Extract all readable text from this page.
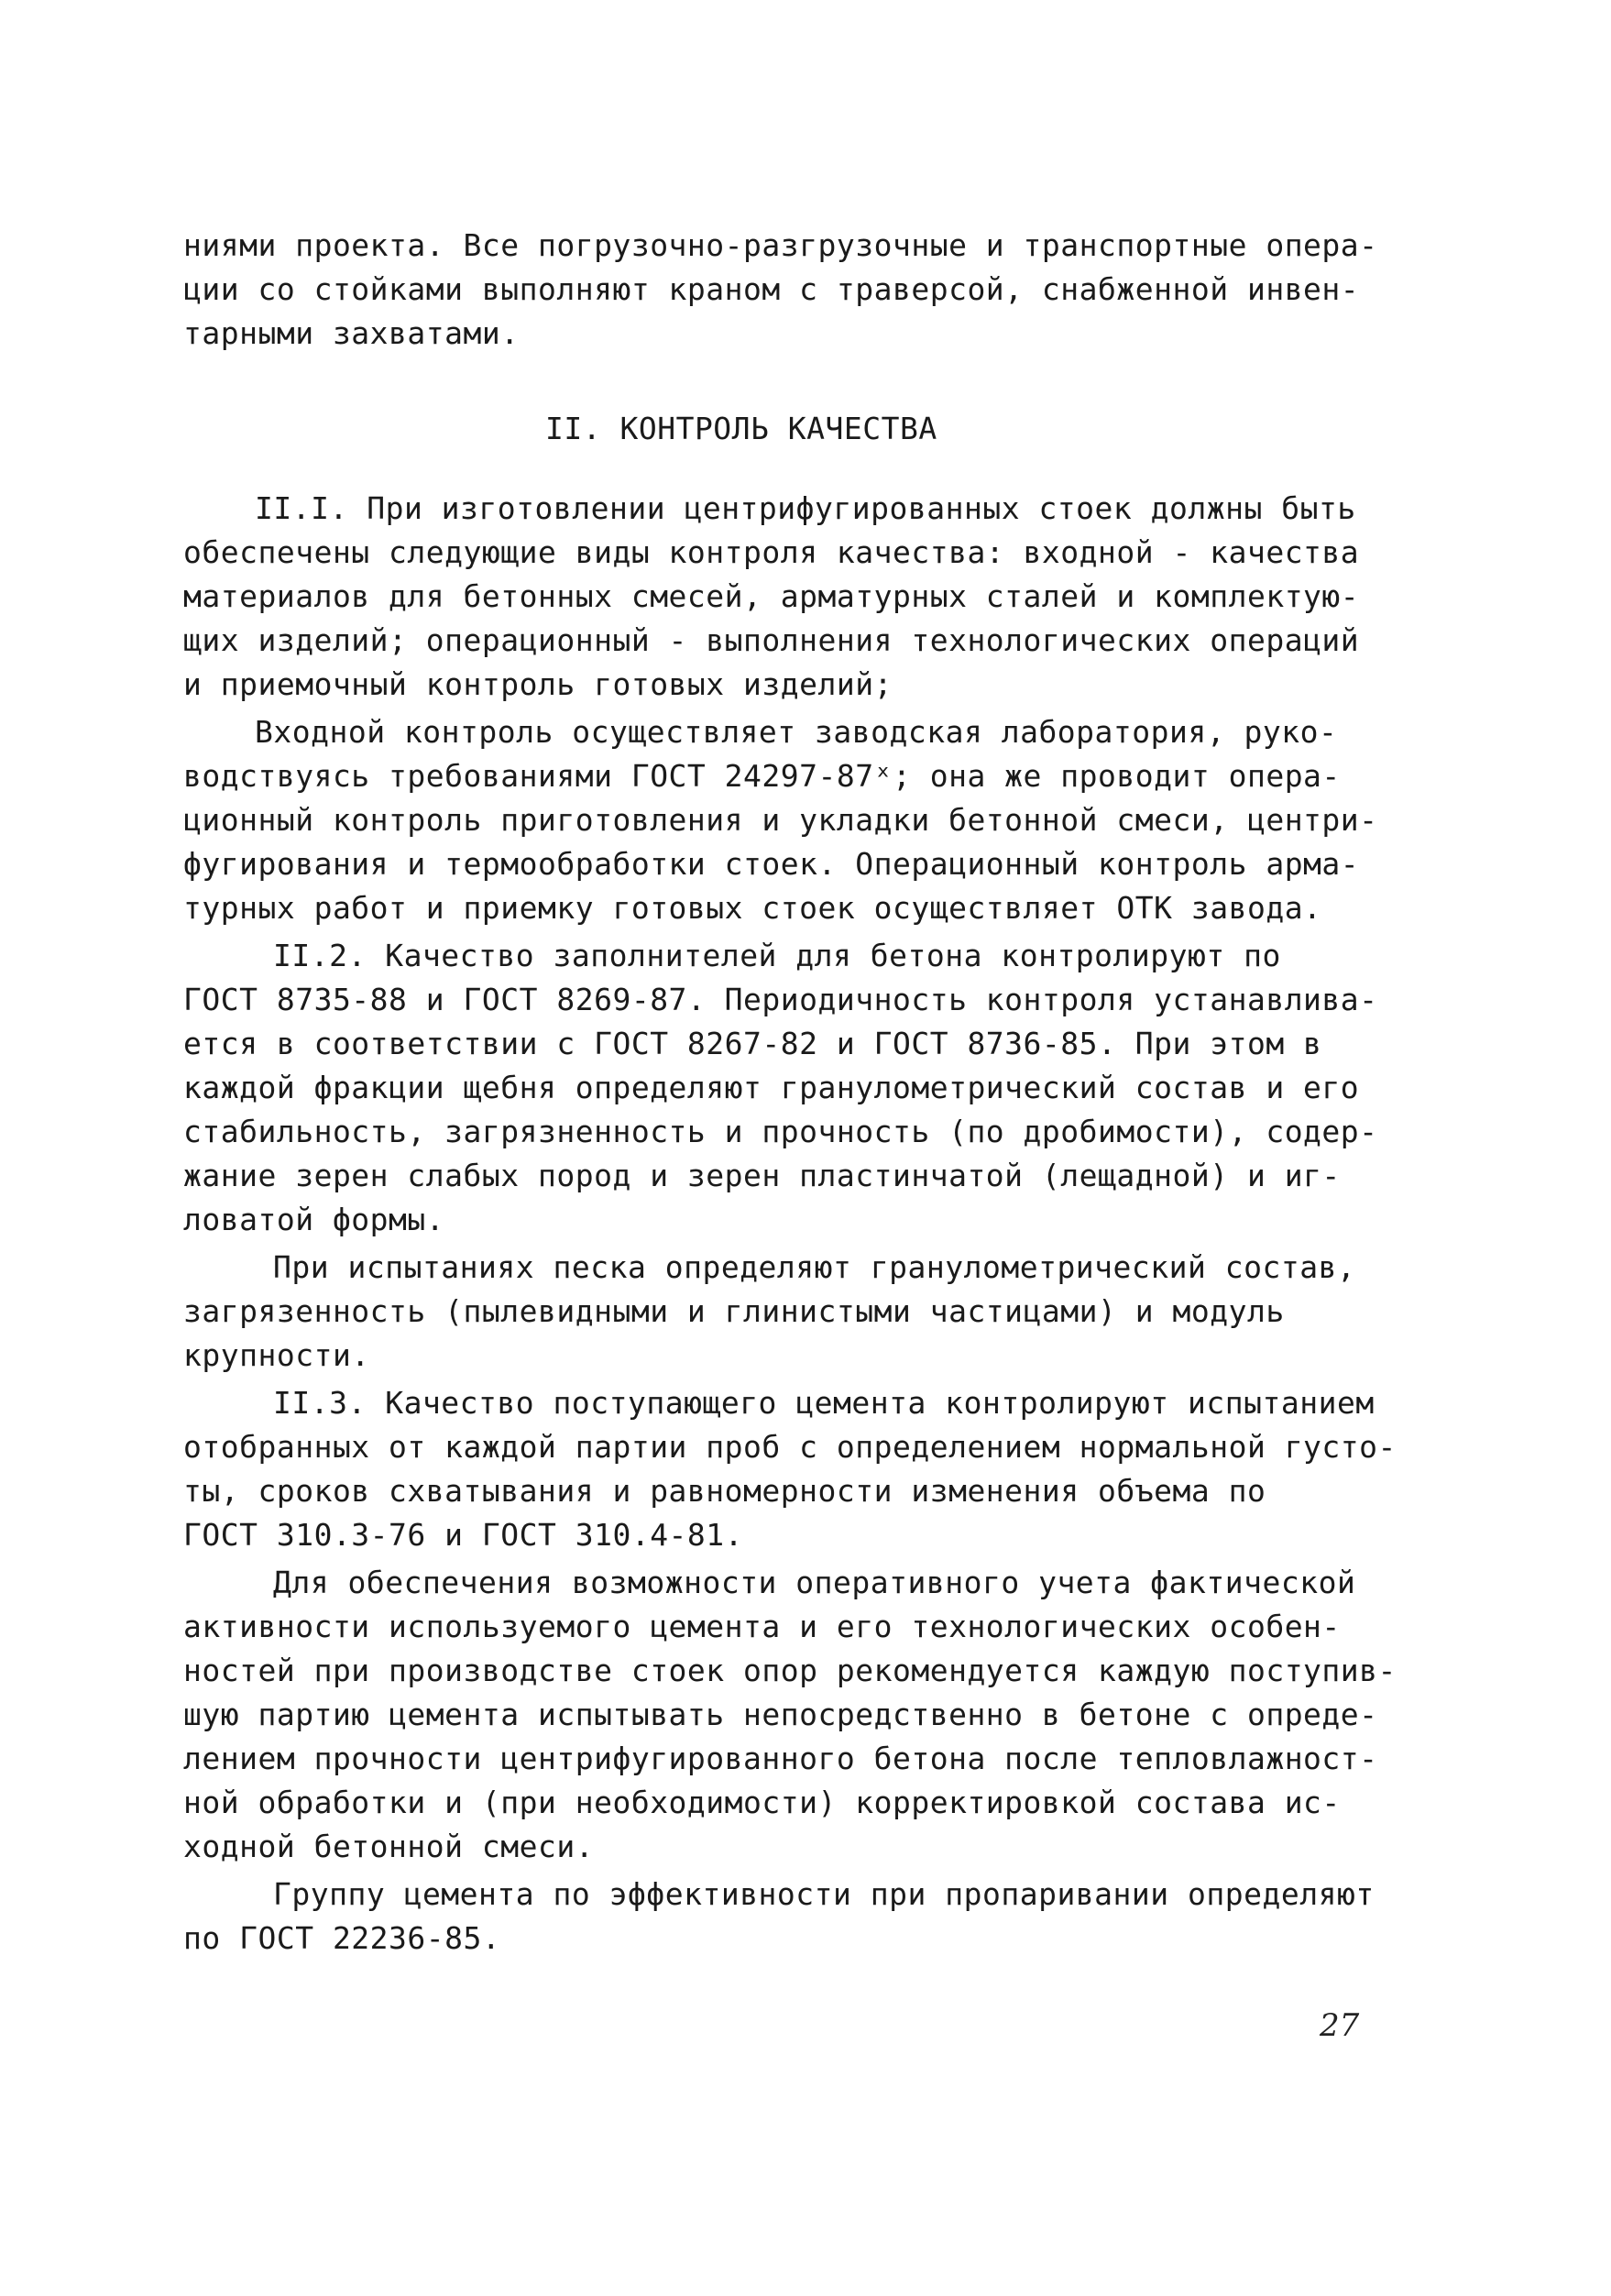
ниями проекта. Все погрузочно-разгрузочные и транспортные опера-
ции со стойками выполняют краном с траверсой, снабженной инвен-
тарными захватами.
II. КОНТРОЛЬ КАЧЕСТВА
II.I. При изготовлении центрифугированных стоек должны быть
обеспечены следующие виды контроля качества: входной - качества
материалов для бетонных смесей, арматурных сталей и комплектую-
щих изделий; операционный - выполнения технологических операций
и приемочный контроль готовых изделий;
Входной контроль осуществляет заводская лаборатория, руко-
водствуясь требованиями ГОСТ 24297-87ˣ; она же проводит опера-
ционный контроль приготовления и укладки бетонной смеси, центри-
фугирования и термообработки стоек. Операционный контроль арма-
турных работ и приемку готовых стоек осуществляет ОТК завода.
II.2. Качество заполнителей для бетона контролируют по
ГОСТ 8735-88 и ГОСТ 8269-87. Периодичность контроля устанавлива-
ется в соответствии с ГОСТ 8267-82 и ГОСТ 8736-85. При этом в
каждой фракции щебня определяют гранулометрический состав и его
стабильность, загрязненность и прочность (по дробимости), содер-
жание зерен слабых пород и зерен пластинчатой (лещадной) и иг-
ловатой формы.
При испытаниях песка определяют гранулометрический состав,
загрязенность (пылевидными и глинистыми частицами) и модуль
крупности.
II.3. Качество поступающего цемента контролируют испытанием
отобранных от каждой партии проб с определением нормальной густо-
ты, сроков схватывания и равномерности изменения объема по
ГОСТ 310.3-76 и ГОСТ 310.4-81.
Для обеспечения возможности оперативного учета фактической
активности используемого цемента и его технологических особен-
ностей при производстве стоек опор рекомендуется каждую поступив-
шую партию цемента испытывать непосредственно в бетоне с опреде-
лением прочности центрифугированного бетона после тепловлажност-
ной обработки и (при необходимости) корректировкой состава ис-
ходной бетонной смеси.
Группу цемента по эффективности при пропаривании определяют
по ГОСТ 22236-85.
27
